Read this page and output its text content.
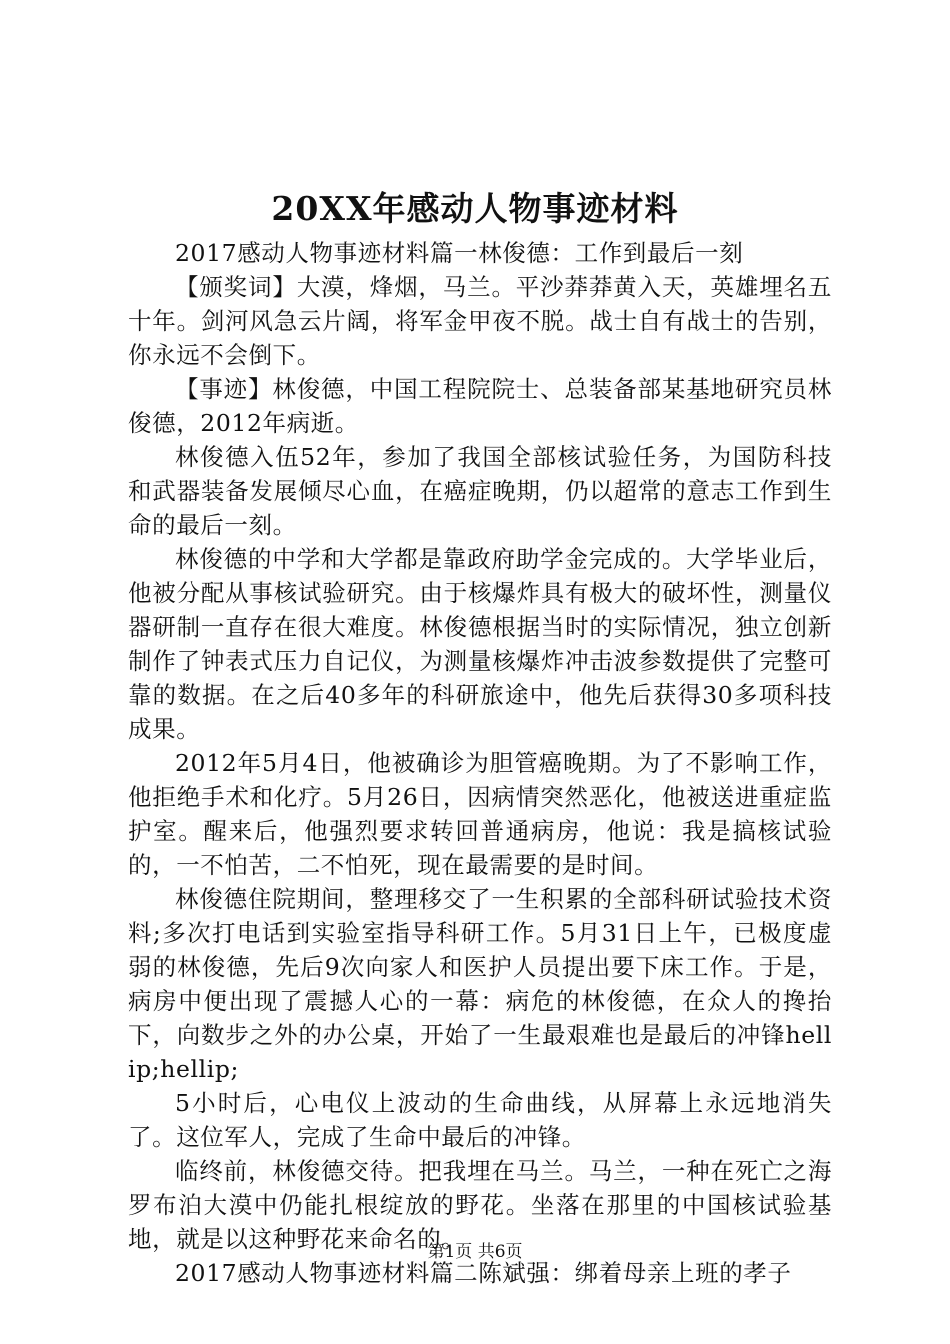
20XX年感动人物事迹材料

2017感动人物事迹材料篇一林俊德：工作到最后一刻

【颁奖词】大漠，烽烟，马兰。平沙莽莽黄入天，英雄埋名五十年。剑河风急云片阔，将军金甲夜不脱。战士自有战士的告别，你永远不会倒下。

【事迹】林俊德，中国工程院院士、总装备部某基地研究员林俊德，2012年病逝。

林俊德入伍52年，参加了我国全部核试验任务，为国防科技和武器装备发展倾尽心血，在癌症晚期，仍以超常的意志工作到生命的最后一刻。

林俊德的中学和大学都是靠政府助学金完成的。大学毕业后，他被分配从事核试验研究。由于核爆炸具有极大的破坏性，测量仪器研制一直存在很大难度。林俊德根据当时的实际情况，独立创新制作了钟表式压力自记仪，为测量核爆炸冲击波参数提供了完整可靠的数据。在之后40多年的科研旅途中，他先后获得30多项科技成果。

2012年5月4日，他被确诊为胆管癌晚期。为了不影响工作，他拒绝手术和化疗。5月26日，因病情突然恶化，他被送进重症监护室。醒来后，他强烈要求转回普通病房，他说：我是搞核试验的，一不怕苦，二不怕死，现在最需要的是时间。

林俊德住院期间，整理移交了一生积累的全部科研试验技术资料;多次打电话到实验室指导科研工作。5月31日上午，已极度虚弱的林俊德，先后9次向家人和医护人员提出要下床工作。于是，病房中便出现了震撼人心的一幕：病危的林俊德，在众人的搀抬下，向数步之外的办公桌，开始了一生最艰难也是最后的冲锋hellip;hellip;

5小时后，心电仪上波动的生命曲线，从屏幕上永远地消失了。这位军人，完成了生命中最后的冲锋。

临终前，林俊德交待。把我埋在马兰。马兰，一种在死亡之海罗布泊大漠中仍能扎根绽放的野花。坐落在那里的中国核试验基地，就是以这种野花来命名的。

2017感动人物事迹材料篇二陈斌强：绑着母亲上班的孝子

第1页 共6页
